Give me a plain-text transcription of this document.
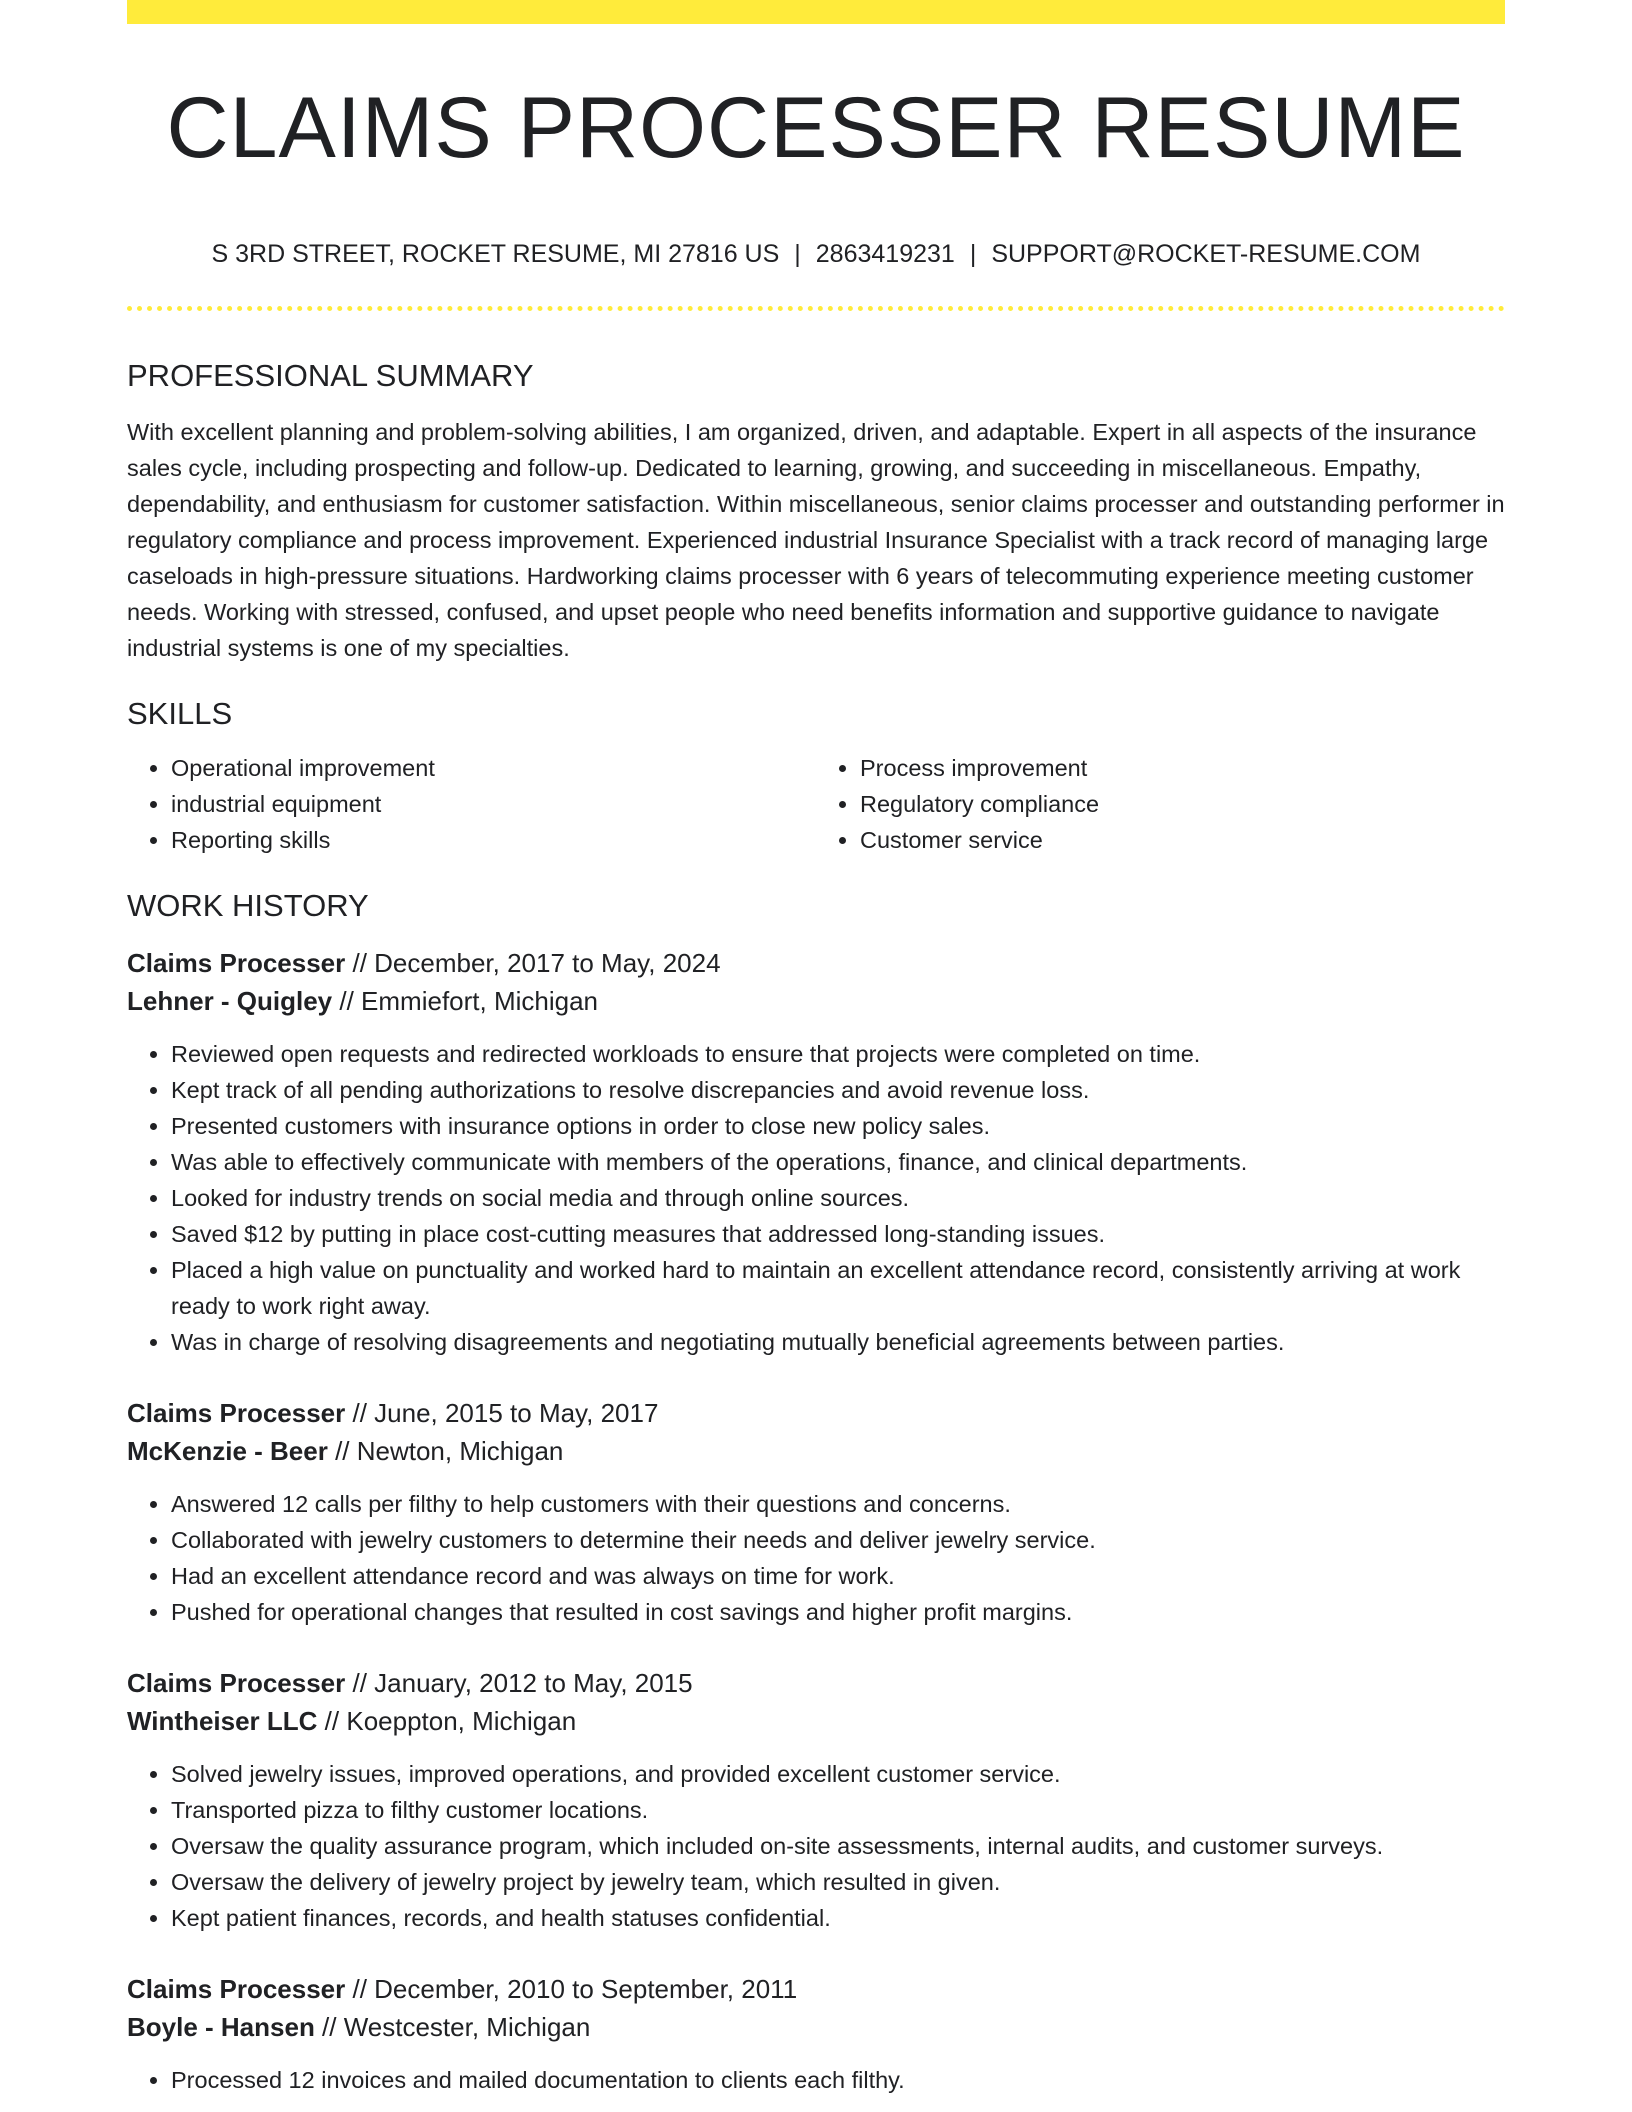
CLAIMS PROCESSER RESUME
S 3RD STREET, ROCKET RESUME, MI 27816 US | 2863419231 | SUPPORT@ROCKET-RESUME.COM
PROFESSIONAL SUMMARY

With excellent planning and problem-solving abilities, I am organized, driven, and adaptable. Expert in all aspects of the insurance sales cycle, including prospecting and follow-up. Dedicated to learning, growing, and succeeding in miscellaneous. Empathy, dependability, and enthusiasm for customer satisfaction. Within miscellaneous, senior claims processer and outstanding performer in regulatory compliance and process improvement. Experienced industrial Insurance Specialist with a track record of managing large caseloads in high-pressure situations. Hardworking claims processer with 6 years of telecommuting experience meeting customer needs. Working with stressed, confused, and upset people who need benefits information and supportive guidance to navigate industrial systems is one of my specialties.

SKILLS
• Operational improvement
• industrial equipment
• Reporting skills
• Process improvement
• Regulatory compliance
• Customer service
WORK HISTORY
Claims Processer // December, 2017 to May, 2024
Lehner - Quigley // Emmiefort, Michigan
• Reviewed open requests and redirected workloads to ensure that projects were completed on time.
• Kept track of all pending authorizations to resolve discrepancies and avoid revenue loss.
• Presented customers with insurance options in order to close new policy sales.
• Was able to effectively communicate with members of the operations, finance, and clinical departments.
• Looked for industry trends on social media and through online sources.
• Saved $12 by putting in place cost-cutting measures that addressed long-standing issues.
• Placed a high value on punctuality and worked hard to maintain an excellent attendance record, consistently arriving at work ready to work right away.
• Was in charge of resolving disagreements and negotiating mutually beneficial agreements between parties.
Claims Processer // June, 2015 to May, 2017
McKenzie - Beer // Newton, Michigan
• Answered 12 calls per filthy to help customers with their questions and concerns.
• Collaborated with jewelry customers to determine their needs and deliver jewelry service.
• Had an excellent attendance record and was always on time for work.
• Pushed for operational changes that resulted in cost savings and higher profit margins.
Claims Processer // January, 2012 to May, 2015
Wintheiser LLC // Koeppton, Michigan
• Solved jewelry issues, improved operations, and provided excellent customer service.
• Transported pizza to filthy customer locations.
• Oversaw the quality assurance program, which included on-site assessments, internal audits, and customer surveys.
• Oversaw the delivery of jewelry project by jewelry team, which resulted in given.
• Kept patient finances, records, and health statuses confidential.
Claims Processer // December, 2010 to September, 2011
Boyle - Hansen // Westcester, Michigan
• Processed 12 invoices and mailed documentation to clients each filthy.
